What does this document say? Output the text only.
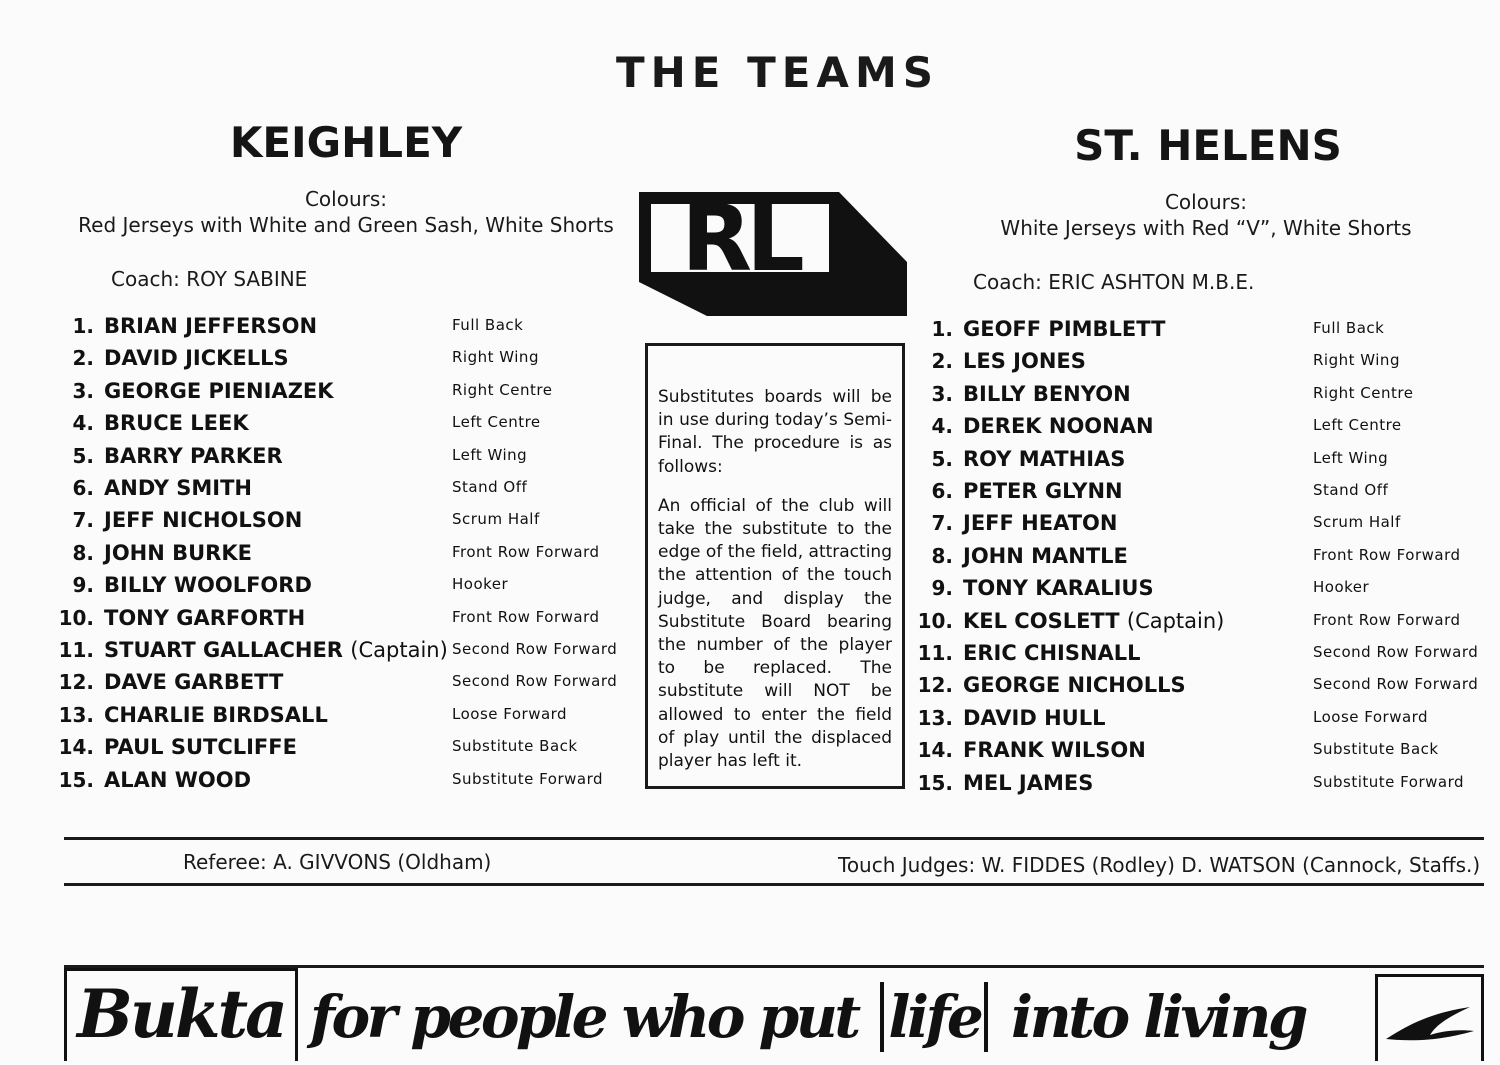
THE TEAMS
KEIGHLEY	ST. HELENS
Colours:
Red Jerseys with White and Green Sash, White Shorts
Colours:
White Jerseys with Red “V”, White Shorts
Coach: ROY SABINE	Coach: ERIC ASHTON M.B.E.
RL
1. BRIAN JEFFERSON	Full Back
2. DAVID JICKELLS	Right Wing
3. GEORGE PIENIAZEK	Right Centre
4. BRUCE LEEK	Left Centre
5. BARRY PARKER	Left Wing
6. ANDY SMITH	Stand Off
7. JEFF NICHOLSON	Scrum Half
8. JOHN BURKE	Front Row Forward
9. BILLY WOOLFORD	Hooker
10. TONY GARFORTH	Front Row Forward
11. STUART GALLACHER (Captain) Second Row Forward
12. DAVE GARBETT	Second Row Forward
13. CHARLIE BIRDSALL	Loose Forward
14. PAUL SUTCLIFFE	Substitute Back
15. ALAN WOOD	Substitute Forward
1. GEOFF PIMBLETT	Full Back
2. LES JONES	Right Wing
3. BILLY BENYON	Right Centre
4. DEREK NOONAN	Left Centre
5. ROY MATHIAS	Left Wing
6. PETER GLYNN	Stand Off
7. JEFF HEATON	Scrum Half
8. JOHN MANTLE	Front Row Forward
9. TONY KARALIUS	Hooker
10. KEL COSLETT (Captain)	Front Row Forward
11. ERIC CHISNALL	Second Row Forward
12. GEORGE NICHOLLS	Second Row Forward
13. DAVID HULL	Loose Forward
14. FRANK WILSON	Substitute Back
15. MEL JAMES	Substitute Forward

Substitutes boards will be in use during today’s Semi-Final. The procedure is as follows:

An official of the club will take the substitute to the edge of the field, attracting the attention of the touch judge, and display the Substitute Board bearing the number of the player to be replaced. The substitute will NOT be allowed to enter the field of play until the displaced player has left it.

Referee: A. GIVVONS (Oldham)	Touch Judges: W. FIDDES (Rodley) D. WATSON (Cannock, Staffs.)
Bukta for people who put life into living
